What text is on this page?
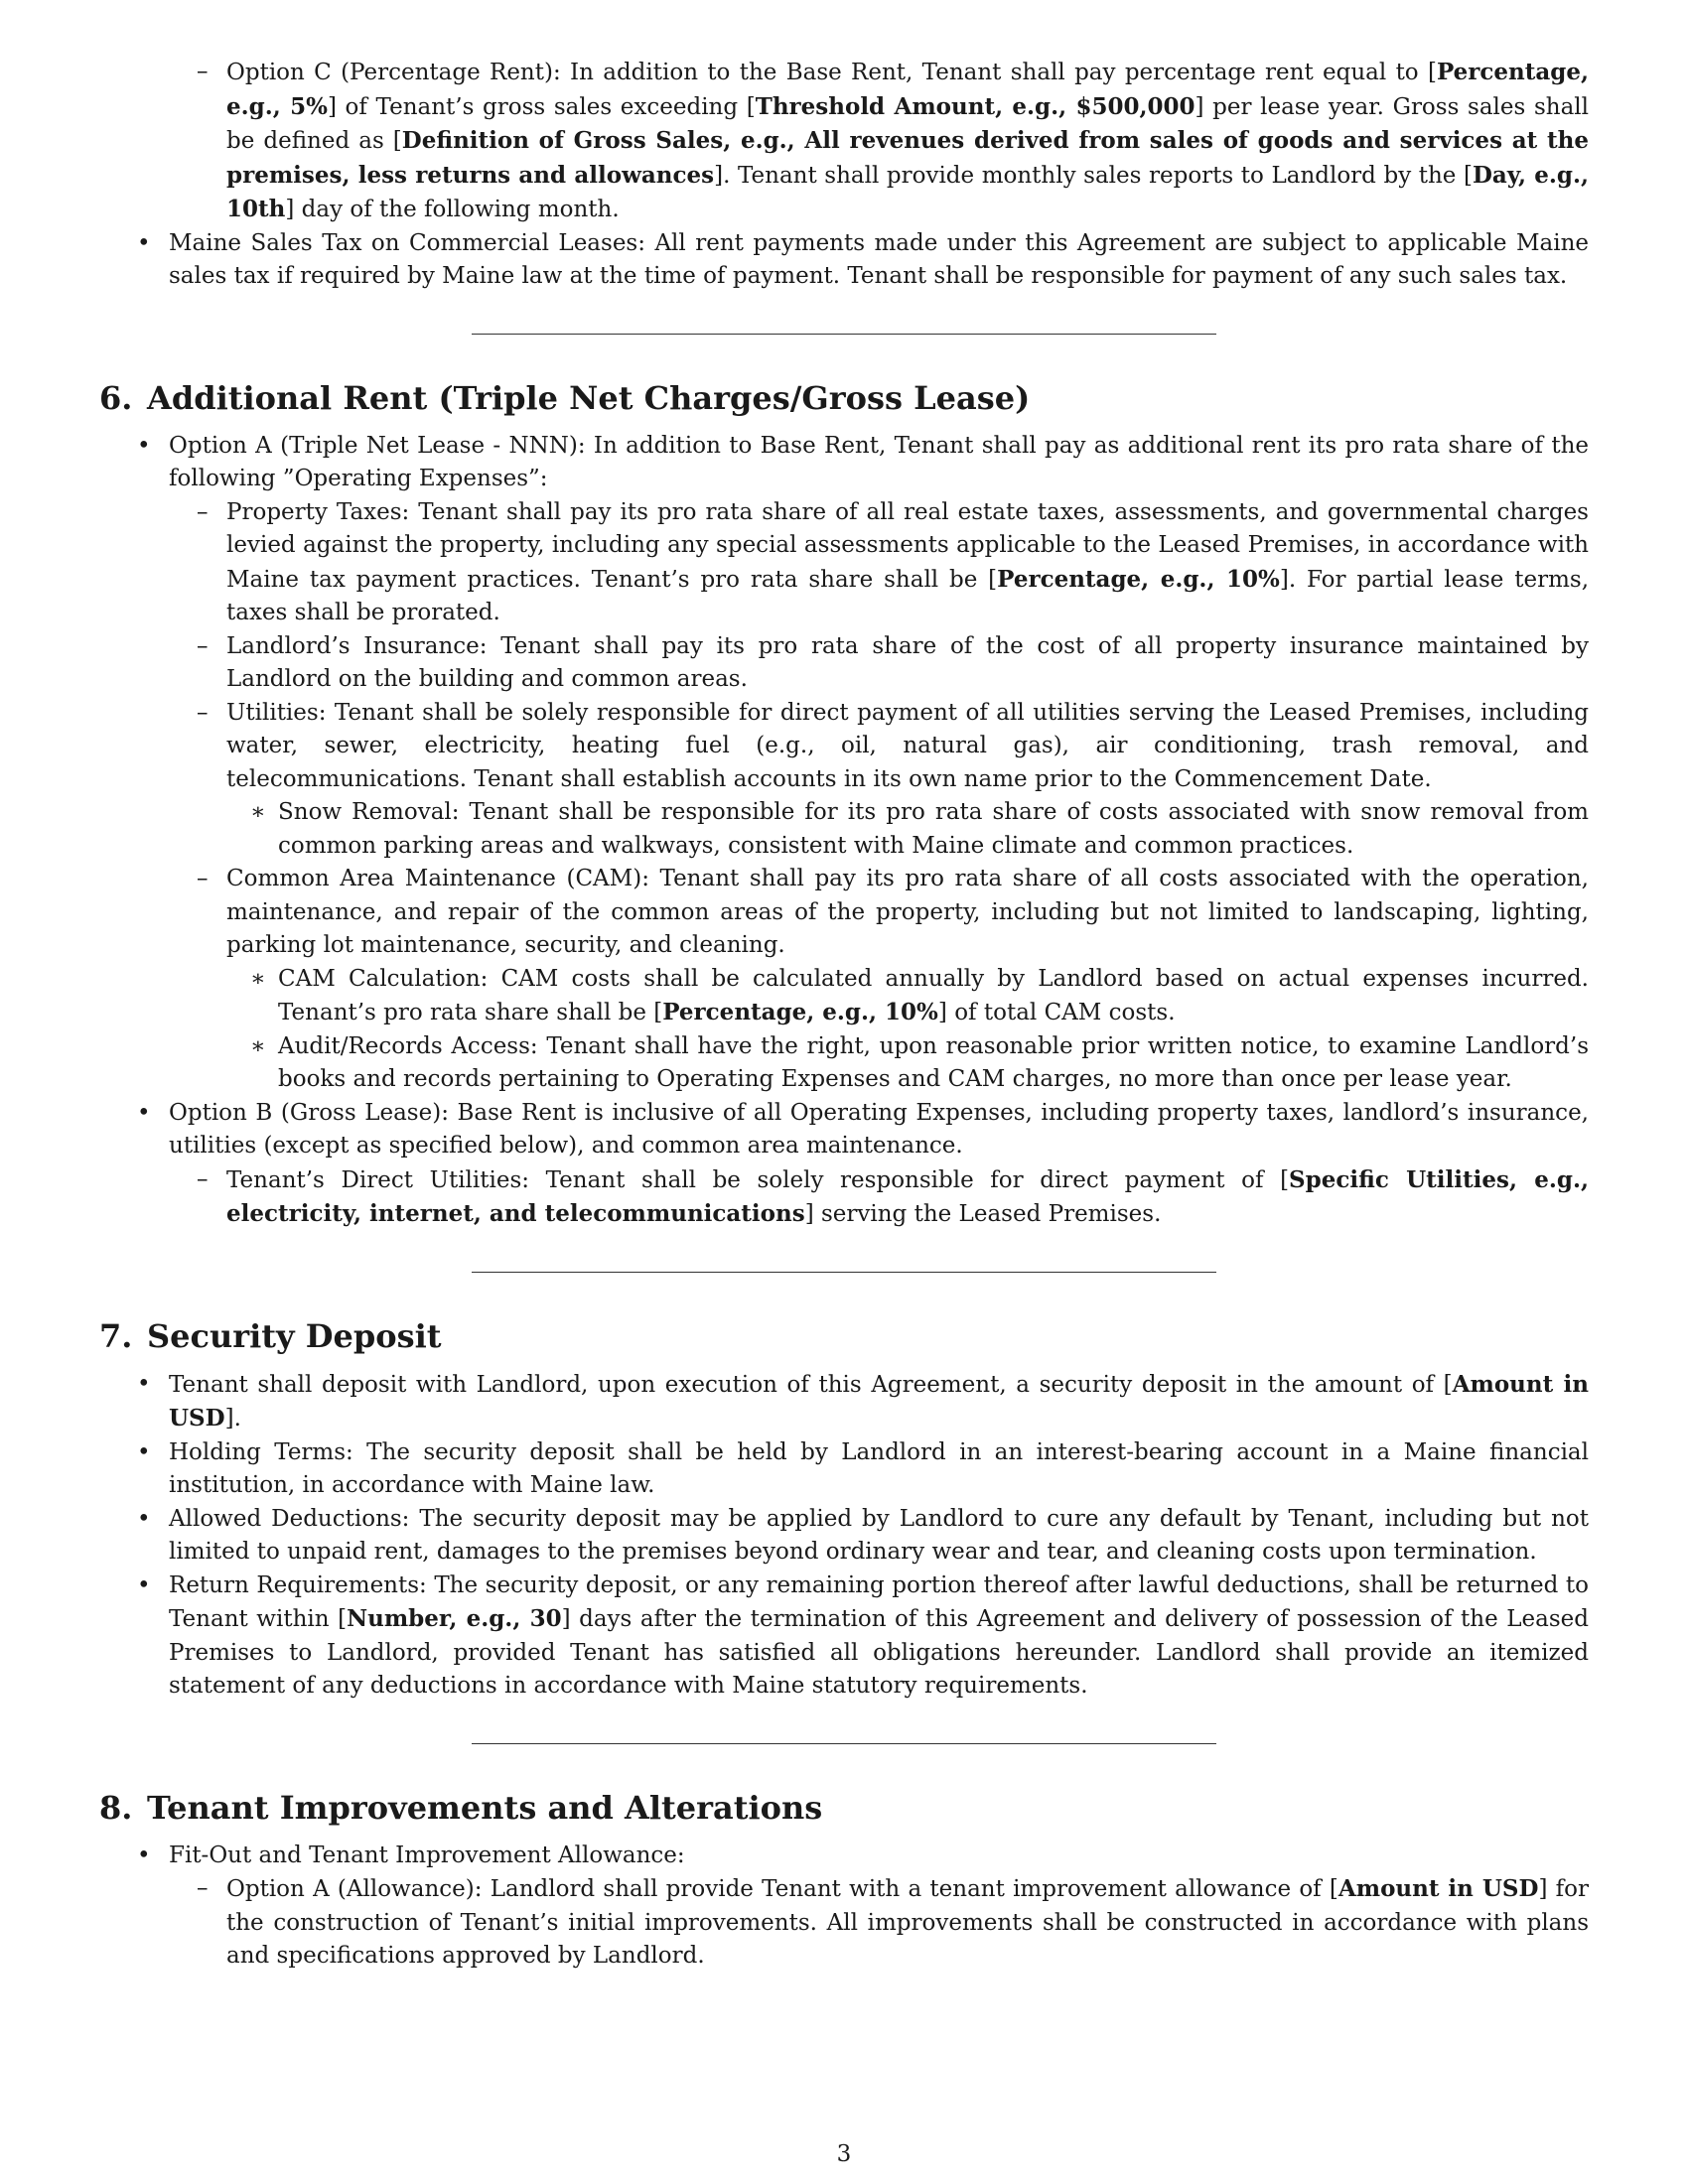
– Option C (Percentage Rent): In addition to the Base Rent, Tenant shall pay percentage rent equal to [Percentage, e.g., 5%] of Tenant’s gross sales exceeding [Threshold Amount, e.g., $500,000] per lease year. Gross sales shall be defined as [Definition of Gross Sales, e.g., All revenues derived from sales of goods and services at the premises, less returns and allowances]. Tenant shall provide monthly sales reports to Landlord by the [Day, e.g., 10th] day of the following month.

• Maine Sales Tax on Commercial Leases: All rent payments made under this Agreement are subject to applicable Maine sales tax if required by Maine law at the time of payment. Tenant shall be responsible for payment of any such sales tax.

6. Additional Rent (Triple Net Charges/Gross Lease)
• Option A (Triple Net Lease - NNN): In addition to Base Rent, Tenant shall pay as additional rent its pro rata share of the following ”Operating Expenses”:

– Property Taxes: Tenant shall pay its pro rata share of all real estate taxes, assessments, and governmental charges levied against the property, including any special assessments applicable to the Leased Premises, in accordance with Maine tax payment practices. Tenant’s pro rata share shall be [Percentage, e.g., 10%]. For partial lease terms, taxes shall be prorated.

– Landlord’s Insurance: Tenant shall pay its pro rata share of the cost of all property insurance maintained by Landlord on the building and common areas.

– Utilities: Tenant shall be solely responsible for direct payment of all utilities serving the Leased Premises, including water, sewer, electricity, heating fuel (e.g., oil, natural gas), air conditioning, trash removal, and telecommunications. Tenant shall establish accounts in its own name prior to the Commencement Date.

∗ Snow Removal: Tenant shall be responsible for its pro rata share of costs associated with snow removal from common parking areas and walkways, consistent with Maine climate and common practices.

– Common Area Maintenance (CAM): Tenant shall pay its pro rata share of all costs associated with the operation, maintenance, and repair of the common areas of the property, including but not limited to landscaping, lighting, parking lot maintenance, security, and cleaning.

∗ CAM Calculation: CAM costs shall be calculated annually by Landlord based on actual expenses incurred. Tenant’s pro rata share shall be [Percentage, e.g., 10%] of total CAM costs.

∗ Audit/Records Access: Tenant shall have the right, upon reasonable prior written notice, to examine Landlord’s books and records pertaining to Operating Expenses and CAM charges, no more than once per lease year.

• Option B (Gross Lease): Base Rent is inclusive of all Operating Expenses, including property taxes, landlord’s insurance, utilities (except as specified below), and common area maintenance.

– Tenant’s Direct Utilities: Tenant shall be solely responsible for direct payment of [Specific Utilities, e.g., electricity, internet, and telecommunications] serving the Leased Premises.

7. Security Deposit
• Tenant shall deposit with Landlord, upon execution of this Agreement, a security deposit in the amount of [Amount in USD].

• Holding Terms: The security deposit shall be held by Landlord in an interest-bearing account in a Maine financial institution, in accordance with Maine law.

• Allowed Deductions: The security deposit may be applied by Landlord to cure any default by Tenant, including but not limited to unpaid rent, damages to the premises beyond ordinary wear and tear, and cleaning costs upon termination.

• Return Requirements: The security deposit, or any remaining portion thereof after lawful deductions, shall be returned to Tenant within [Number, e.g., 30] days after the termination of this Agreement and delivery of possession of the Leased Premises to Landlord, provided Tenant has satisfied all obligations hereunder. Landlord shall provide an itemized statement of any deductions in accordance with Maine statutory requirements.

8. Tenant Improvements and Alterations
• Fit-Out and Tenant Improvement Allowance:

– Option A (Allowance): Landlord shall provide Tenant with a tenant improvement allowance of [Amount in USD] for the construction of Tenant’s initial improvements. All improvements shall be constructed in accordance with plans and specifications approved by Landlord.

3
